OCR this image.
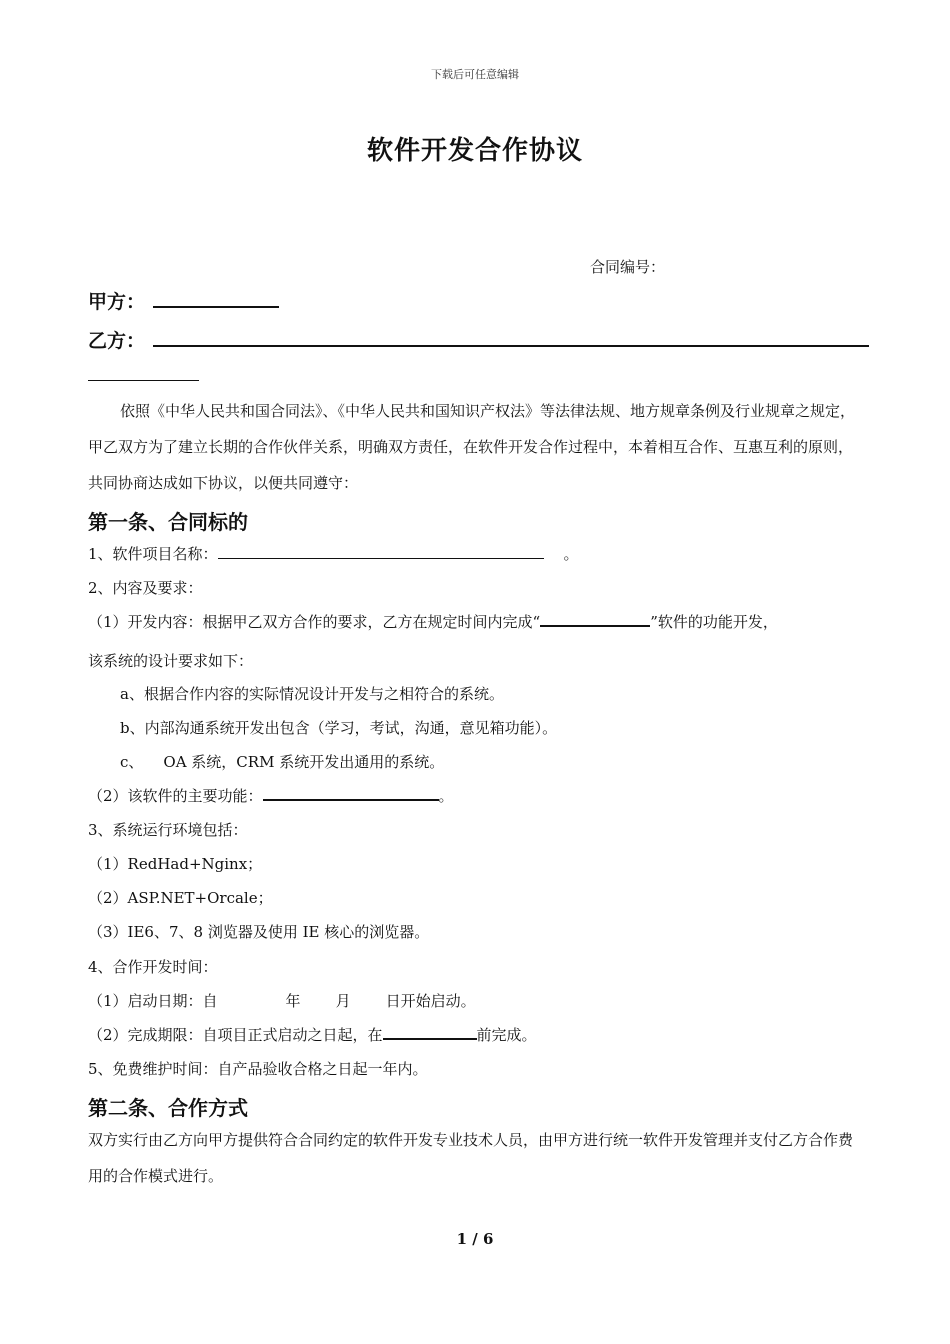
下载后可任意编辑
软件开发合作协议
合同编号：
甲方：
乙方：
依照《中华人民共和国合同法》、《中华人民共和国知识产权法》等法律法规、地方规章条例及行业规章之规定，甲乙双方为了建立长期的合作伙伴关系，明确双方责任，在软件开发合作过程中，本着相互合作、互惠互利的原则，共同协商达成如下协议，以便共同遵守：
第一条、合同标的
1、软件项目名称：	。
2、内容及要求：
（1）开发内容：根据甲乙双方合作的要求，乙方在规定时间内完成“	”软件的功能开发，
该系统的设计要求如下：
a、根据合作内容的实际情况设计开发与之相符合的系统。
b、内部沟通系统开发出包含（学习，考试，沟通，意见箱功能）。
c、 OA 系统，CRM 系统开发出通用的系统。
（2）该软件的主要功能：	。
3、系统运行环境包括：
（1）RedHad+Nginx；
（2）ASP.NET+Orcale；
（3）IE6、7、8 浏览器及使用 IE 核心的浏览器。
4、合作开发时间：
（1）启动日期：自	年 月 日开始启动。
（2）完成期限：自项目正式启动之日起，在	前完成。
5、免费维护时间：自产品验收合格之日起一年内。
第二条、合作方式
双方实行由乙方向甲方提供符合合同约定的软件开发专业技术人员，由甲方进行统一软件开发管理并支付乙方合作费用的合作模式进行。
1 / 6
